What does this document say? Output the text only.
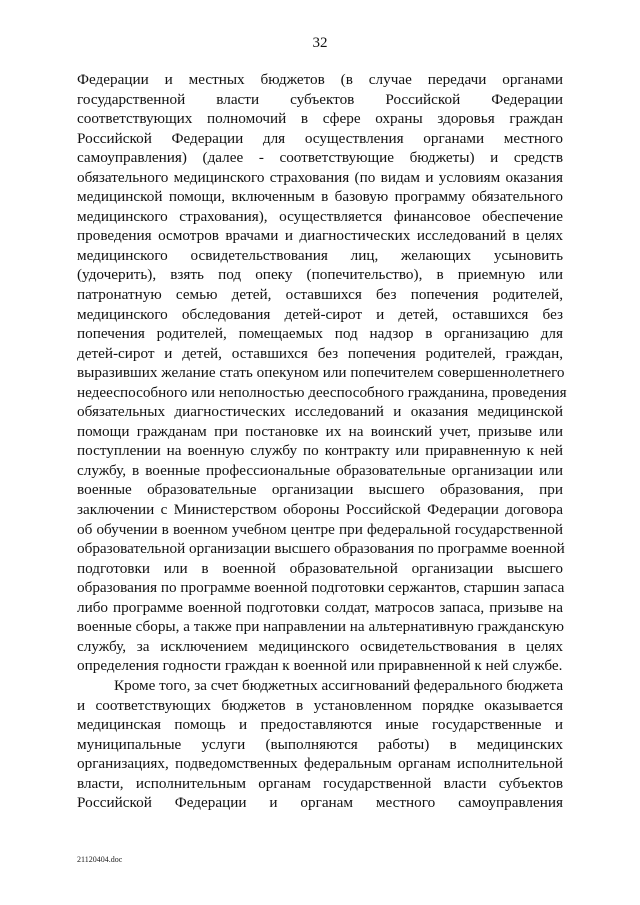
32
Федерации и местных бюджетов (в случае передачи органами
государственной власти субъектов Российской Федерации
соответствующих полномочий в сфере охраны здоровья граждан
Российской Федерации для осуществления органами местного
самоуправления) (далее - соответствующие бюджеты) и средств
обязательного медицинского страхования (по видам и условиям оказания
медицинской помощи, включенным в базовую программу обязательного
медицинского страхования), осуществляется финансовое обеспечение
проведения осмотров врачами и диагностических исследований в целях
медицинского освидетельствования лиц, желающих усыновить
(удочерить), взять под опеку (попечительство), в приемную или
патронатную семью детей, оставшихся без попечения родителей,
медицинского обследования детей-сирот и детей, оставшихся без
попечения родителей, помещаемых под надзор в организацию для
детей-сирот и детей, оставшихся без попечения родителей, граждан,
выразивших желание стать опекуном или попечителем совершеннолетнего
недееспособного или неполностью дееспособного гражданина, проведения
обязательных диагностических исследований и оказания медицинской
помощи гражданам при постановке их на воинский учет, призыве или
поступлении на военную службу по контракту или приравненную к ней
службу, в военные профессиональные образовательные организации или
военные образовательные организации высшего образования, при
заключении с Министерством обороны Российской Федерации договора
об обучении в военном учебном центре при федеральной государственной
образовательной организации высшего образования по программе военной
подготовки или в военной образовательной организации высшего
образования по программе военной подготовки сержантов, старшин запаса
либо программе военной подготовки солдат, матросов запаса, призыве на
военные сборы, а также при направлении на альтернативную гражданскую
службу, за исключением медицинского освидетельствования в целях
определения годности граждан к военной или приравненной к ней службе.
Кроме того, за счет бюджетных ассигнований федерального бюджета
и соответствующих бюджетов в установленном порядке оказывается
медицинская помощь и предоставляются иные государственные и
муниципальные услуги (выполняются работы) в медицинских
организациях, подведомственных федеральным органам исполнительной
власти, исполнительным органам государственной власти субъектов
Российской Федерации и органам местного самоуправления
21120404.doc
